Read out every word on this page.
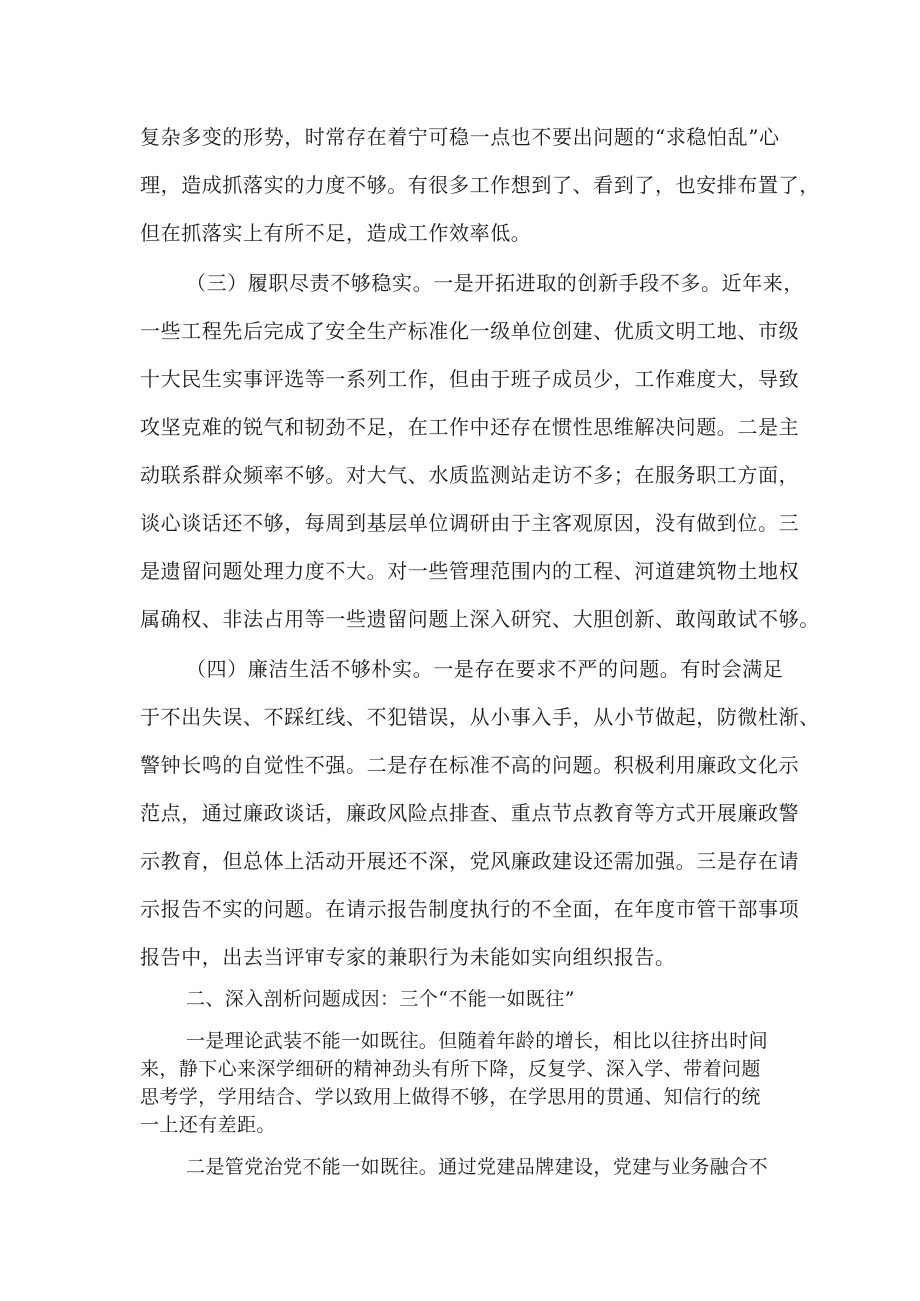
复杂多变的形势，时常存在着宁可稳一点也不要出问题的“求稳怕乱”心
理，造成抓落实的力度不够。有很多工作想到了、看到了，也安排布置了，
但在抓落实上有所不足，造成工作效率低。
（三）履职尽责不够稳实。一是开拓进取的创新手段不多。近年来，
一些工程先后完成了安全生产标准化一级单位创建、优质文明工地、市级
十大民生实事评选等一系列工作，但由于班子成员少，工作难度大，导致
攻坚克难的锐气和韧劲不足，在工作中还存在惯性思维解决问题。二是主
动联系群众频率不够。对大气、水质监测站走访不多；在服务职工方面，
谈心谈话还不够，每周到基层单位调研由于主客观原因，没有做到位。三
是遗留问题处理力度不大。对一些管理范围内的工程、河道建筑物土地权
属确权、非法占用等一些遗留问题上深入研究、大胆创新、敢闯敢试不够。
（四）廉洁生活不够朴实。一是存在要求不严的问题。有时会满足
于不出失误、不踩红线、不犯错误，从小事入手，从小节做起，防微杜渐、
警钟长鸣的自觉性不强。二是存在标准不高的问题。积极利用廉政文化示
范点，通过廉政谈话，廉政风险点排查、重点节点教育等方式开展廉政警
示教育，但总体上活动开展还不深，党风廉政建设还需加强。三是存在请
示报告不实的问题。在请示报告制度执行的不全面，在年度市管干部事项
报告中，出去当评审专家的兼职行为未能如实向组织报告。
二、深入剖析问题成因：三个“不能一如既往”
一是理论武装不能一如既往。但随着年龄的增长，相比以往挤出时间
来，静下心来深学细研的精神劲头有所下降，反复学、深入学、带着问题
思考学，学用结合、学以致用上做得不够，在学思用的贯通、知信行的统
一上还有差距。
二是管党治党不能一如既往。通过党建品牌建设，党建与业务融合不
